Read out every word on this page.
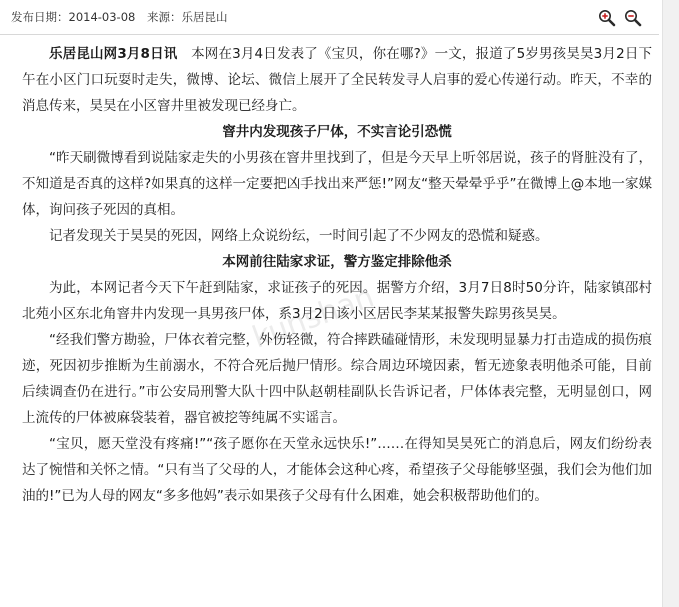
发布日期：2014-03-08 来源：乐居昆山
kunshan

乐居昆山网3月8日讯　 本网在3月4日发表了《宝贝，你在哪?》一文，报道了5岁男孩昊昊3月2日下午在小区门口玩耍时走失，微博、论坛、微信上展开了全民转发寻人启事的爱心传递行动。昨天，不幸的消息传来，昊昊在小区窨井里被发现已经身亡。

窨井内发现孩子尸体，不实言论引恐慌

“昨天刷微博看到说陆家走失的小男孩在窨井里找到了，但是今天早上听邻居说，孩子的肾脏没有了，不知道是否真的这样?如果真的这样一定要把凶手找出来严惩!”网友“整天晕晕乎乎”在微博上@本地一家媒体，询问孩子死因的真相。

记者发现关于昊昊的死因，网络上众说纷纭，一时间引起了不少网友的恐慌和疑惑。

本网前往陆家求证，警方鉴定排除他杀

为此，本网记者今天下午赶到陆家，求证孩子的死因。据警方介绍，3月7日8时50分许，陆家镇邵村北苑小区东北角窨井内发现一具男孩尸体，系3月2日该小区居民李某某报警失踪男孩昊昊。

“经我们警方勘验，尸体衣着完整，外伤轻微，符合摔跌磕碰情形，未发现明显暴力打击造成的损伤痕迹，死因初步推断为生前溺水，不符合死后抛尸情形。综合周边环境因素，暂无迹象表明他杀可能，目前后续调查仍在进行。”市公安局刑警大队十四中队赵朝桂副队长告诉记者，尸体体表完整，无明显创口，网上流传的尸体被麻袋装着，器官被挖等纯属不实谣言。

“宝贝，愿天堂没有疼痛!”“孩子愿你在天堂永远快乐!”……在得知昊昊死亡的消息后，网友们纷纷表达了惋惜和关怀之情。“只有当了父母的人，才能体会这种心疼，希望孩子父母能够坚强，我们会为他们加油的!”已为人母的网友“多多他妈”表示如果孩子父母有什么困难，她会积极帮助他们的。
